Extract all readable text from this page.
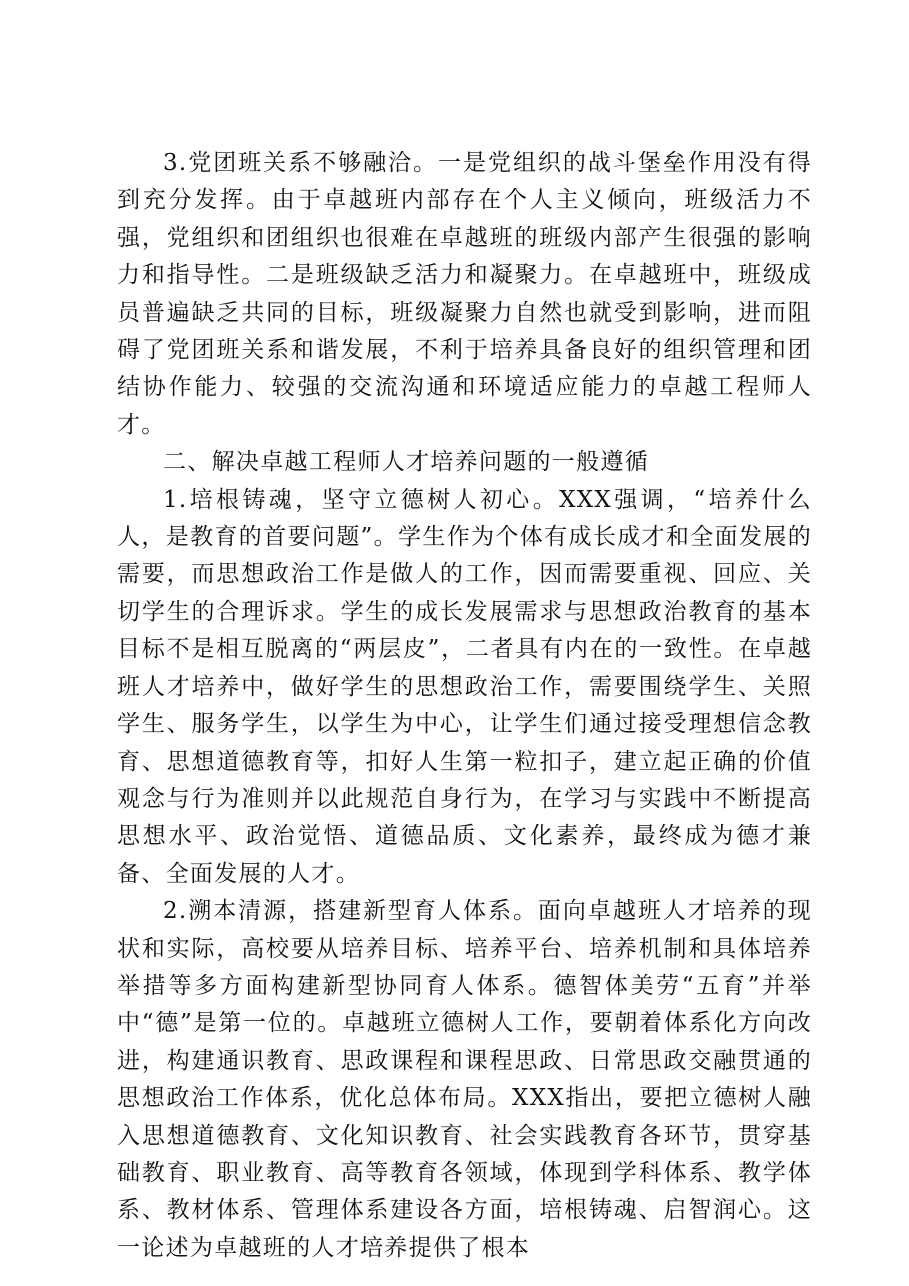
3.党团班关系不够融洽。一是党组织的战斗堡垒作用没有得到充分发挥。由于卓越班内部存在个人主义倾向，班级活力不强，党组织和团组织也很难在卓越班的班级内部产生很强的影响力和指导性。二是班级缺乏活力和凝聚力。在卓越班中，班级成员普遍缺乏共同的目标，班级凝聚力自然也就受到影响，进而阻碍了党团班关系和谐发展，不利于培养具备良好的组织管理和团结协作能力、较强的交流沟通和环境适应能力的卓越工程师人才。

二、解决卓越工程师人才培养问题的一般遵循

1.培根铸魂，坚守立德树人初心。XXX强调，“培养什么人，是教育的首要问题”。学生作为个体有成长成才和全面发展的需要，而思想政治工作是做人的工作，因而需要重视、回应、关切学生的合理诉求。学生的成长发展需求与思想政治教育的基本目标不是相互脱离的“两层皮”，二者具有内在的一致性。在卓越班人才培养中，做好学生的思想政治工作，需要围绕学生、关照学生、服务学生，以学生为中心，让学生们通过接受理想信念教育、思想道德教育等，扣好人生第一粒扣子，建立起正确的价值观念与行为准则并以此规范自身行为，在学习与实践中不断提高思想水平、政治觉悟、道德品质、文化素养，最终成为德才兼备、全面发展的人才。

2.溯本清源，搭建新型育人体系。面向卓越班人才培养的现状和实际，高校要从培养目标、培养平台、培养机制和具体培养举措等多方面构建新型协同育人体系。德智体美劳“五育”并举中“德”是第一位的。卓越班立德树人工作，要朝着体系化方向改进，构建通识教育、思政课程和课程思政、日常思政交融贯通的思想政治工作体系，优化总体布局。XXX指出，要把立德树人融入思想道德教育、文化知识教育、社会实践教育各环节，贯穿基础教育、职业教育、高等教育各领域，体现到学科体系、教学体系、教材体系、管理体系建设各方面，培根铸魂、启智润心。这一论述为卓越班的人才培养提供了根本
